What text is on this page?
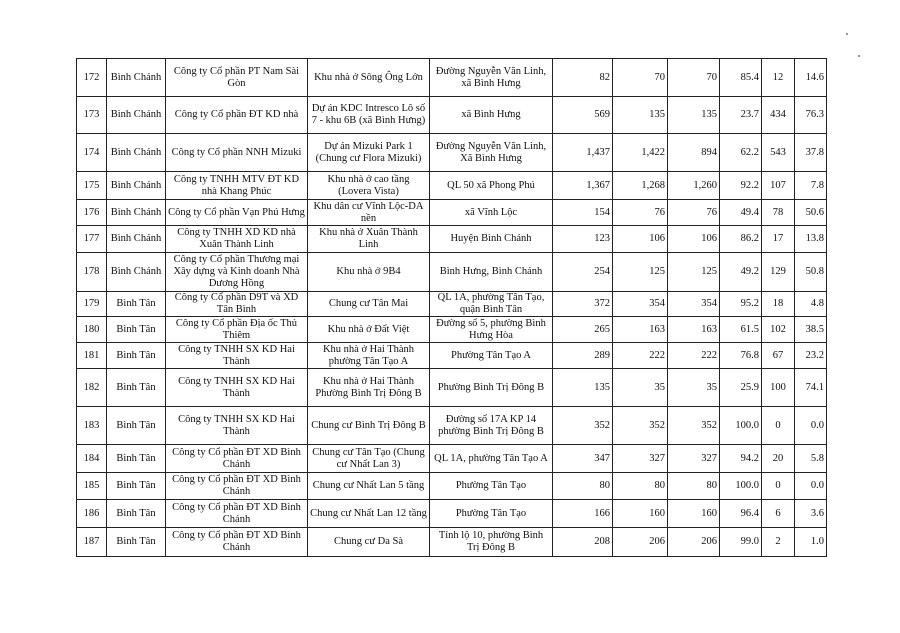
172	Bình Chánh	Công ty Cổ phần PT Nam Sài Gòn	Khu nhà ở Sông Ông Lớn	Đường Nguyễn Văn Linh, xã Bình Hưng	82	70	70	85.4	12	14.6
173	Bình Chánh	Công ty Cổ phần ĐT KD nhà	Dự án KDC Intresco Lô số 7 - khu 6B (xã Bình Hưng)	xã Bình Hưng	569	135	135	23.7	434	76.3
174	Bình Chánh	Công ty Cổ phần NNH Mizuki	Dự án Mizuki Park 1 (Chung cư Flora Mizuki)	Đường Nguyễn Văn Linh, Xã Bình Hưng	1,437	1,422	894	62.2	543	37.8
175	Bình Chánh	Công ty TNHH MTV ĐT KD nhà Khang Phúc	Khu nhà ở cao tầng (Lovera Vista)	QL 50 xã Phong Phú	1,367	1,268	1,260	92.2	107	7.8
176	Bình Chánh	Công ty Cổ phần Vạn Phú Hưng	Khu dân cư Vĩnh Lộc-DA nền	xã Vĩnh Lộc	154	76	76	49.4	78	50.6
177	Bình Chánh	Công ty TNHH XD KD nhà Xuân Thành Linh	Khu nhà ở Xuân Thành Linh	Huyện Bình Chánh	123	106	106	86.2	17	13.8
178	Bình Chánh	Công ty Cổ phần Thương mại Xây dựng và Kinh doanh Nhà Dương Hồng	Khu nhà ở 9B4	Bình Hưng, Bình Chánh	254	125	125	49.2	129	50.8
179	Bình Tân	Công ty Cổ phần D9T và XD Tân Bình	Chung cư Tân Mai	QL 1A, phường Tân Tạo, quận Bình Tân	372	354	354	95.2	18	4.8
180	Bình Tân	Công ty Cổ phần Địa ốc Thủ Thiêm	Khu nhà ở Đất Việt	Đường số 5, phường Bình Hưng Hòa	265	163	163	61.5	102	38.5
181	Bình Tân	Công ty TNHH SX KD Hai Thành	Khu nhà ở Hai Thành phường Tân Tạo A	Phường Tân Tạo A	289	222	222	76.8	67	23.2
182	Bình Tân	Công ty TNHH SX KD Hai Thành	Khu nhà ở Hai Thành Phường Bình Trị Đông B	Phường Bình Trị Đông B	135	35	35	25.9	100	74.1
183	Bình Tân	Công ty TNHH SX KD Hai Thành	Chung cư Bình Trị Đông B	Đường số 17A KP 14 phường Bình Trị Đông B	352	352	352	100.0	0	0.0
184	Bình Tân	Công ty Cổ phần ĐT XD Bình Chánh	Chung cư Tân Tạo (Chung cư Nhất Lan 3)	QL 1A, phường Tân Tạo A	347	327	327	94.2	20	5.8
185	Bình Tân	Công ty Cổ phần ĐT XD Bình Chánh	Chung cư Nhất Lan 5 tầng	Phường Tân Tạo	80	80	80	100.0	0	0.0
186	Bình Tân	Công ty Cổ phần ĐT XD Bình Chánh	Chung cư Nhất Lan 12 tầng	Phường Tân Tạo	166	160	160	96.4	6	3.6
187	Bình Tân	Công ty Cổ phần ĐT XD Bình Chánh	Chung cư Da Sà	Tỉnh lộ 10, phường Bình Trị Đông B	208	206	206	99.0	2	1.0
